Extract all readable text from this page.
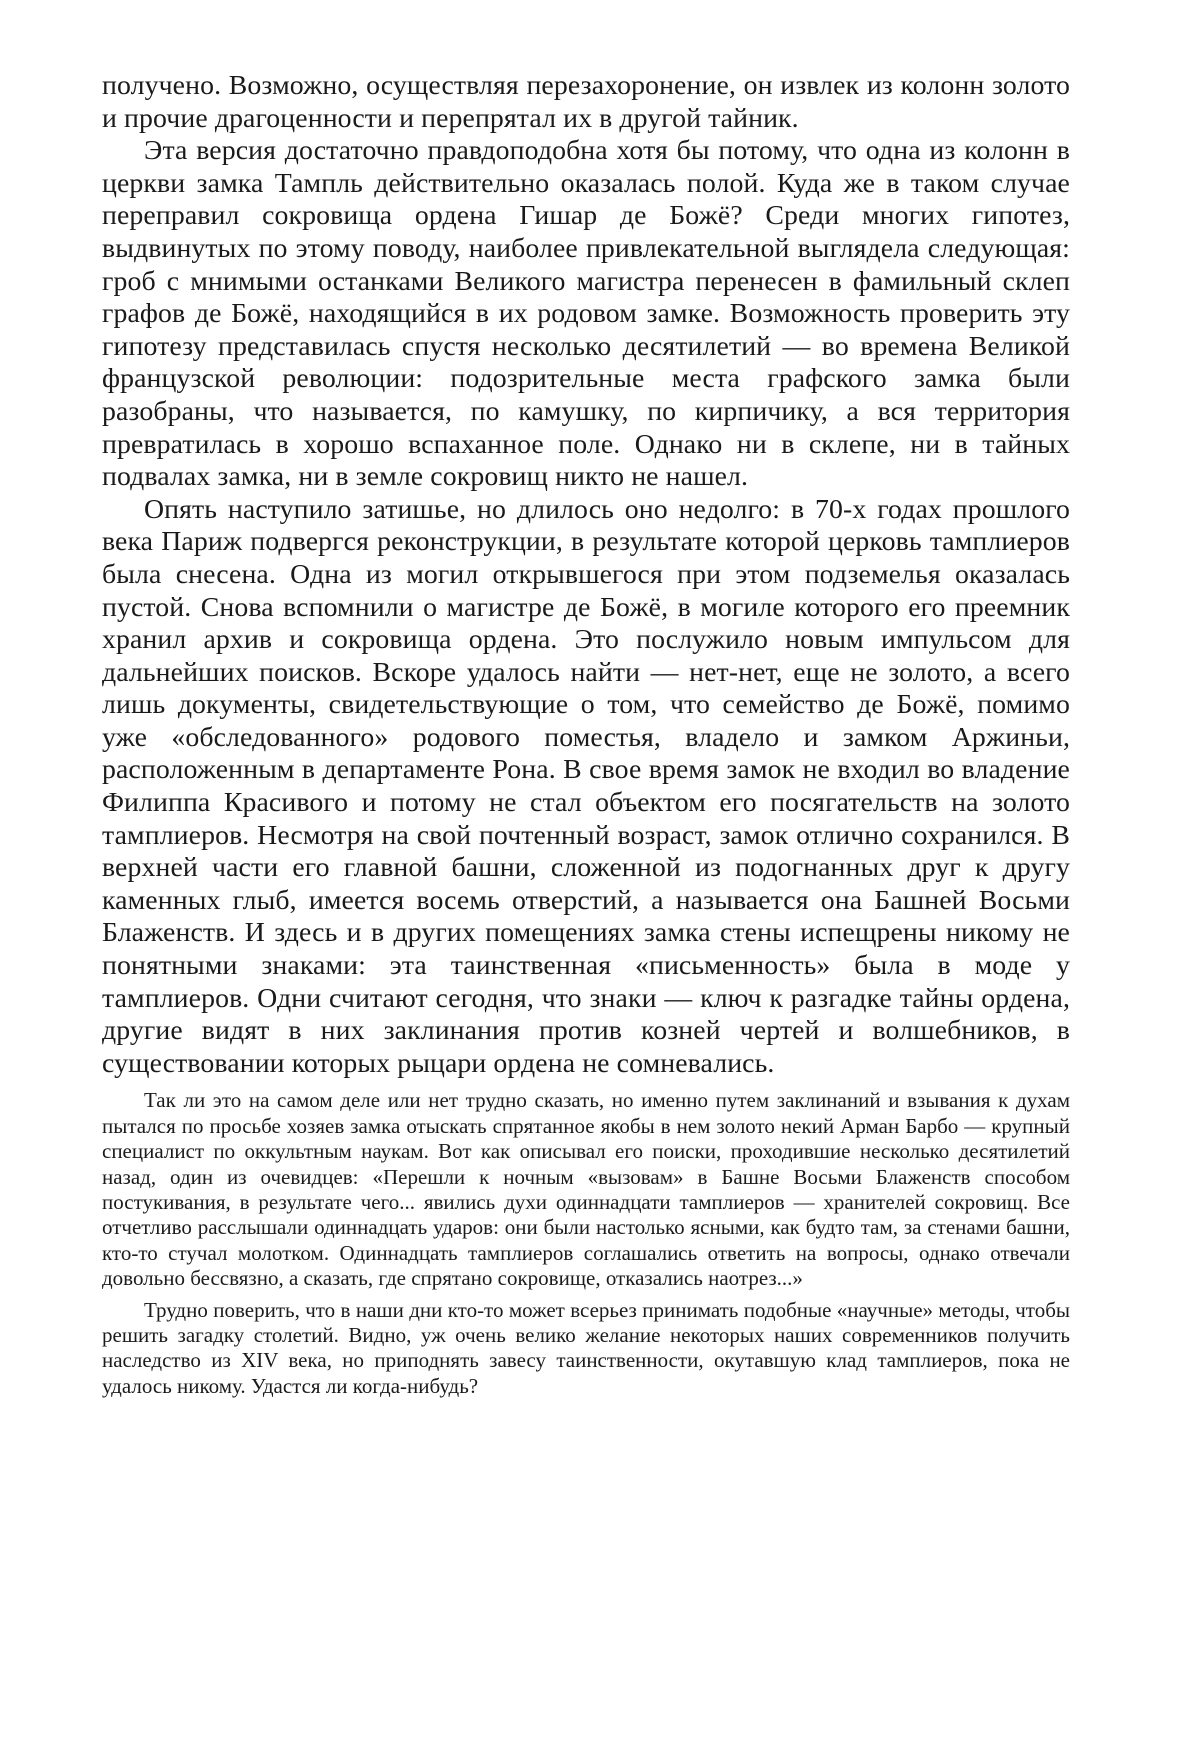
получено. Возможно, осуществляя перезахоронение, он извлек из колонн золото и прочие драгоценности и перепрятал их в другой тайник.

Эта версия достаточно правдоподобна хотя бы потому, что одна из колонн в церкви замка Тампль действительно оказалась полой. Куда же в таком случае переправил сокровища ордена Гишар де Божё? Среди многих гипотез, выдвинутых по этому поводу, наиболее привлекательной выглядела следующая: гроб с мнимыми останками Великого магистра перенесен в фамильный склеп графов де Божё, находящийся в их родовом замке. Возможность проверить эту гипотезу представилась спустя несколько десятилетий — во времена Великой французской революции: подозрительные места графского замка были разобраны, что называется, по камушку, по кирпичику, а вся территория превратилась в хорошо вспаханное поле. Однако ни в склепе, ни в тайных подвалах замка, ни в земле сокровищ никто не нашел.

Опять наступило затишье, но длилось оно недолго: в 70-х годах прошлого века Париж подвергся реконструкции, в результате которой церковь тамплиеров была снесена. Одна из могил открывшегося при этом подземелья оказалась пустой. Снова вспомнили о магистре де Божё, в могиле которого его преемник хранил архив и сокровища ордена. Это послужило новым импульсом для дальнейших поисков. Вскоре удалось найти — нет-нет, еще не золото, а всего лишь документы, свидетельствующие о том, что семейство де Божё, помимо уже «обследованного» родового поместья, владело и замком Аржиньи, расположенным в департаменте Рона. В свое время замок не входил во владение Филиппа Красивого и потому не стал объектом его посягательств на золото тамплиеров. Несмотря на свой почтенный возраст, замок отлично сохранился. В верхней части его главной башни, сложенной из подогнанных друг к другу каменных глыб, имеется восемь отверстий, а называется она Башней Восьми Блаженств. И здесь и в других помещениях замка стены испещрены никому не понятными знаками: эта таинственная «письменность» была в моде у тамплиеров. Одни считают сегодня, что знаки — ключ к разгадке тайны ордена, другие видят в них заклинания против козней чертей и волшебников, в существовании которых рыцари ордена не сомневались.

Так ли это на самом деле или нет трудно сказать, но именно путем заклинаний и взывания к духам пытался по просьбе хозяев замка отыскать спрятанное якобы в нем золото некий Арман Барбо — крупный специалист по оккультным наукам. Вот как описывал его поиски, проходившие несколько десятилетий назад, один из очевидцев: «Перешли к ночным «вызовам» в Башне Восьми Блаженств способом постукивания, в результате чего... явились духи одиннадцати тамплиеров — хранителей сокровищ. Все отчетливо расслышали одиннадцать ударов: они были настолько ясными, как будто там, за стенами башни, кто-то стучал молотком. Одиннадцать тамплиеров соглашались ответить на вопросы, однако отвечали довольно бессвязно, а сказать, где спрятано сокровище, отказались наотрез...»

Трудно поверить, что в наши дни кто-то может всерьез принимать подобные «научные» методы, чтобы решить загадку столетий. Видно, уж очень велико желание некоторых наших современников получить наследство из XIV века, но приподнять завесу таинственности, окутавшую клад тамплиеров, пока не удалось никому. Удастся ли когда-нибудь?
